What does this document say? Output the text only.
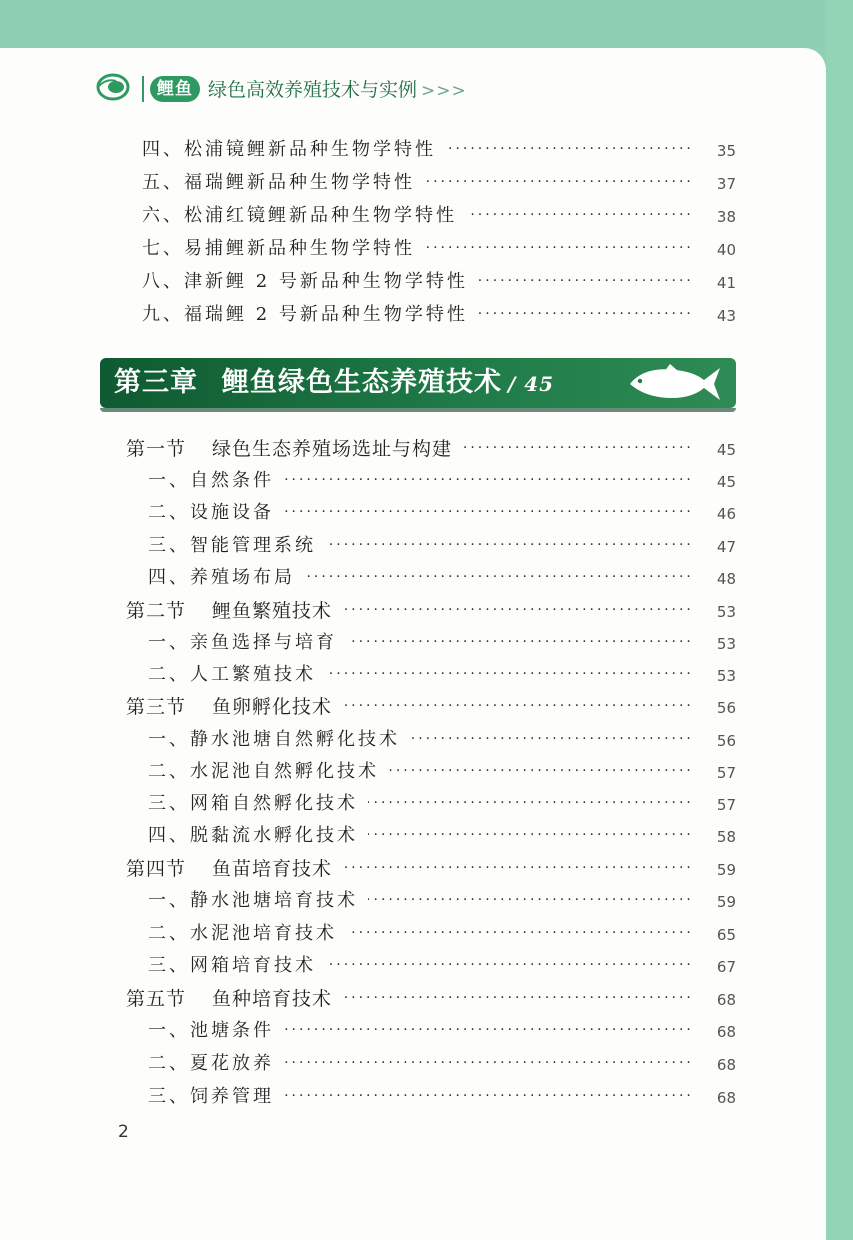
鲤鱼 绿色高效养殖技术与实例 >>>
四、松浦镜鲤新品种生物学特性 ·····	35
五、福瑞鲤新品种生物学特性 ·····	37
六、松浦红镜鲤新品种生物学特性 ·····	38
七、易捕鲤新品种生物学特性 ·····	40
八、津新鲤 2 号新品种生物学特性 ·····	41
九、福瑞鲤 2 号新品种生物学特性 ·····	43
第三章 鲤鱼绿色生态养殖技术 / 45
第一节 绿色生态养殖场选址与构建 ·····	45
一、自然条件 ·····	45
二、设施设备 ·····	46
三、智能管理系统 ·····	47
四、养殖场布局 ·····	48
第二节 鲤鱼繁殖技术 ·····	53
一、亲鱼选择与培育 ·····	53
二、人工繁殖技术 ·····	53
第三节 鱼卵孵化技术 ·····	56
一、静水池塘自然孵化技术 ·····	56
二、水泥池自然孵化技术 ·····	57
三、网箱自然孵化技术 ·····	57
四、脱黏流水孵化技术 ·····	58
第四节 鱼苗培育技术 ·····	59
一、静水池塘培育技术 ·····	59
二、水泥池培育技术 ·····	65
三、网箱培育技术 ·····	67
第五节 鱼种培育技术 ·····	68
一、池塘条件 ·····	68
二、夏花放养 ·····	68
三、饲养管理 ·····	68
2
